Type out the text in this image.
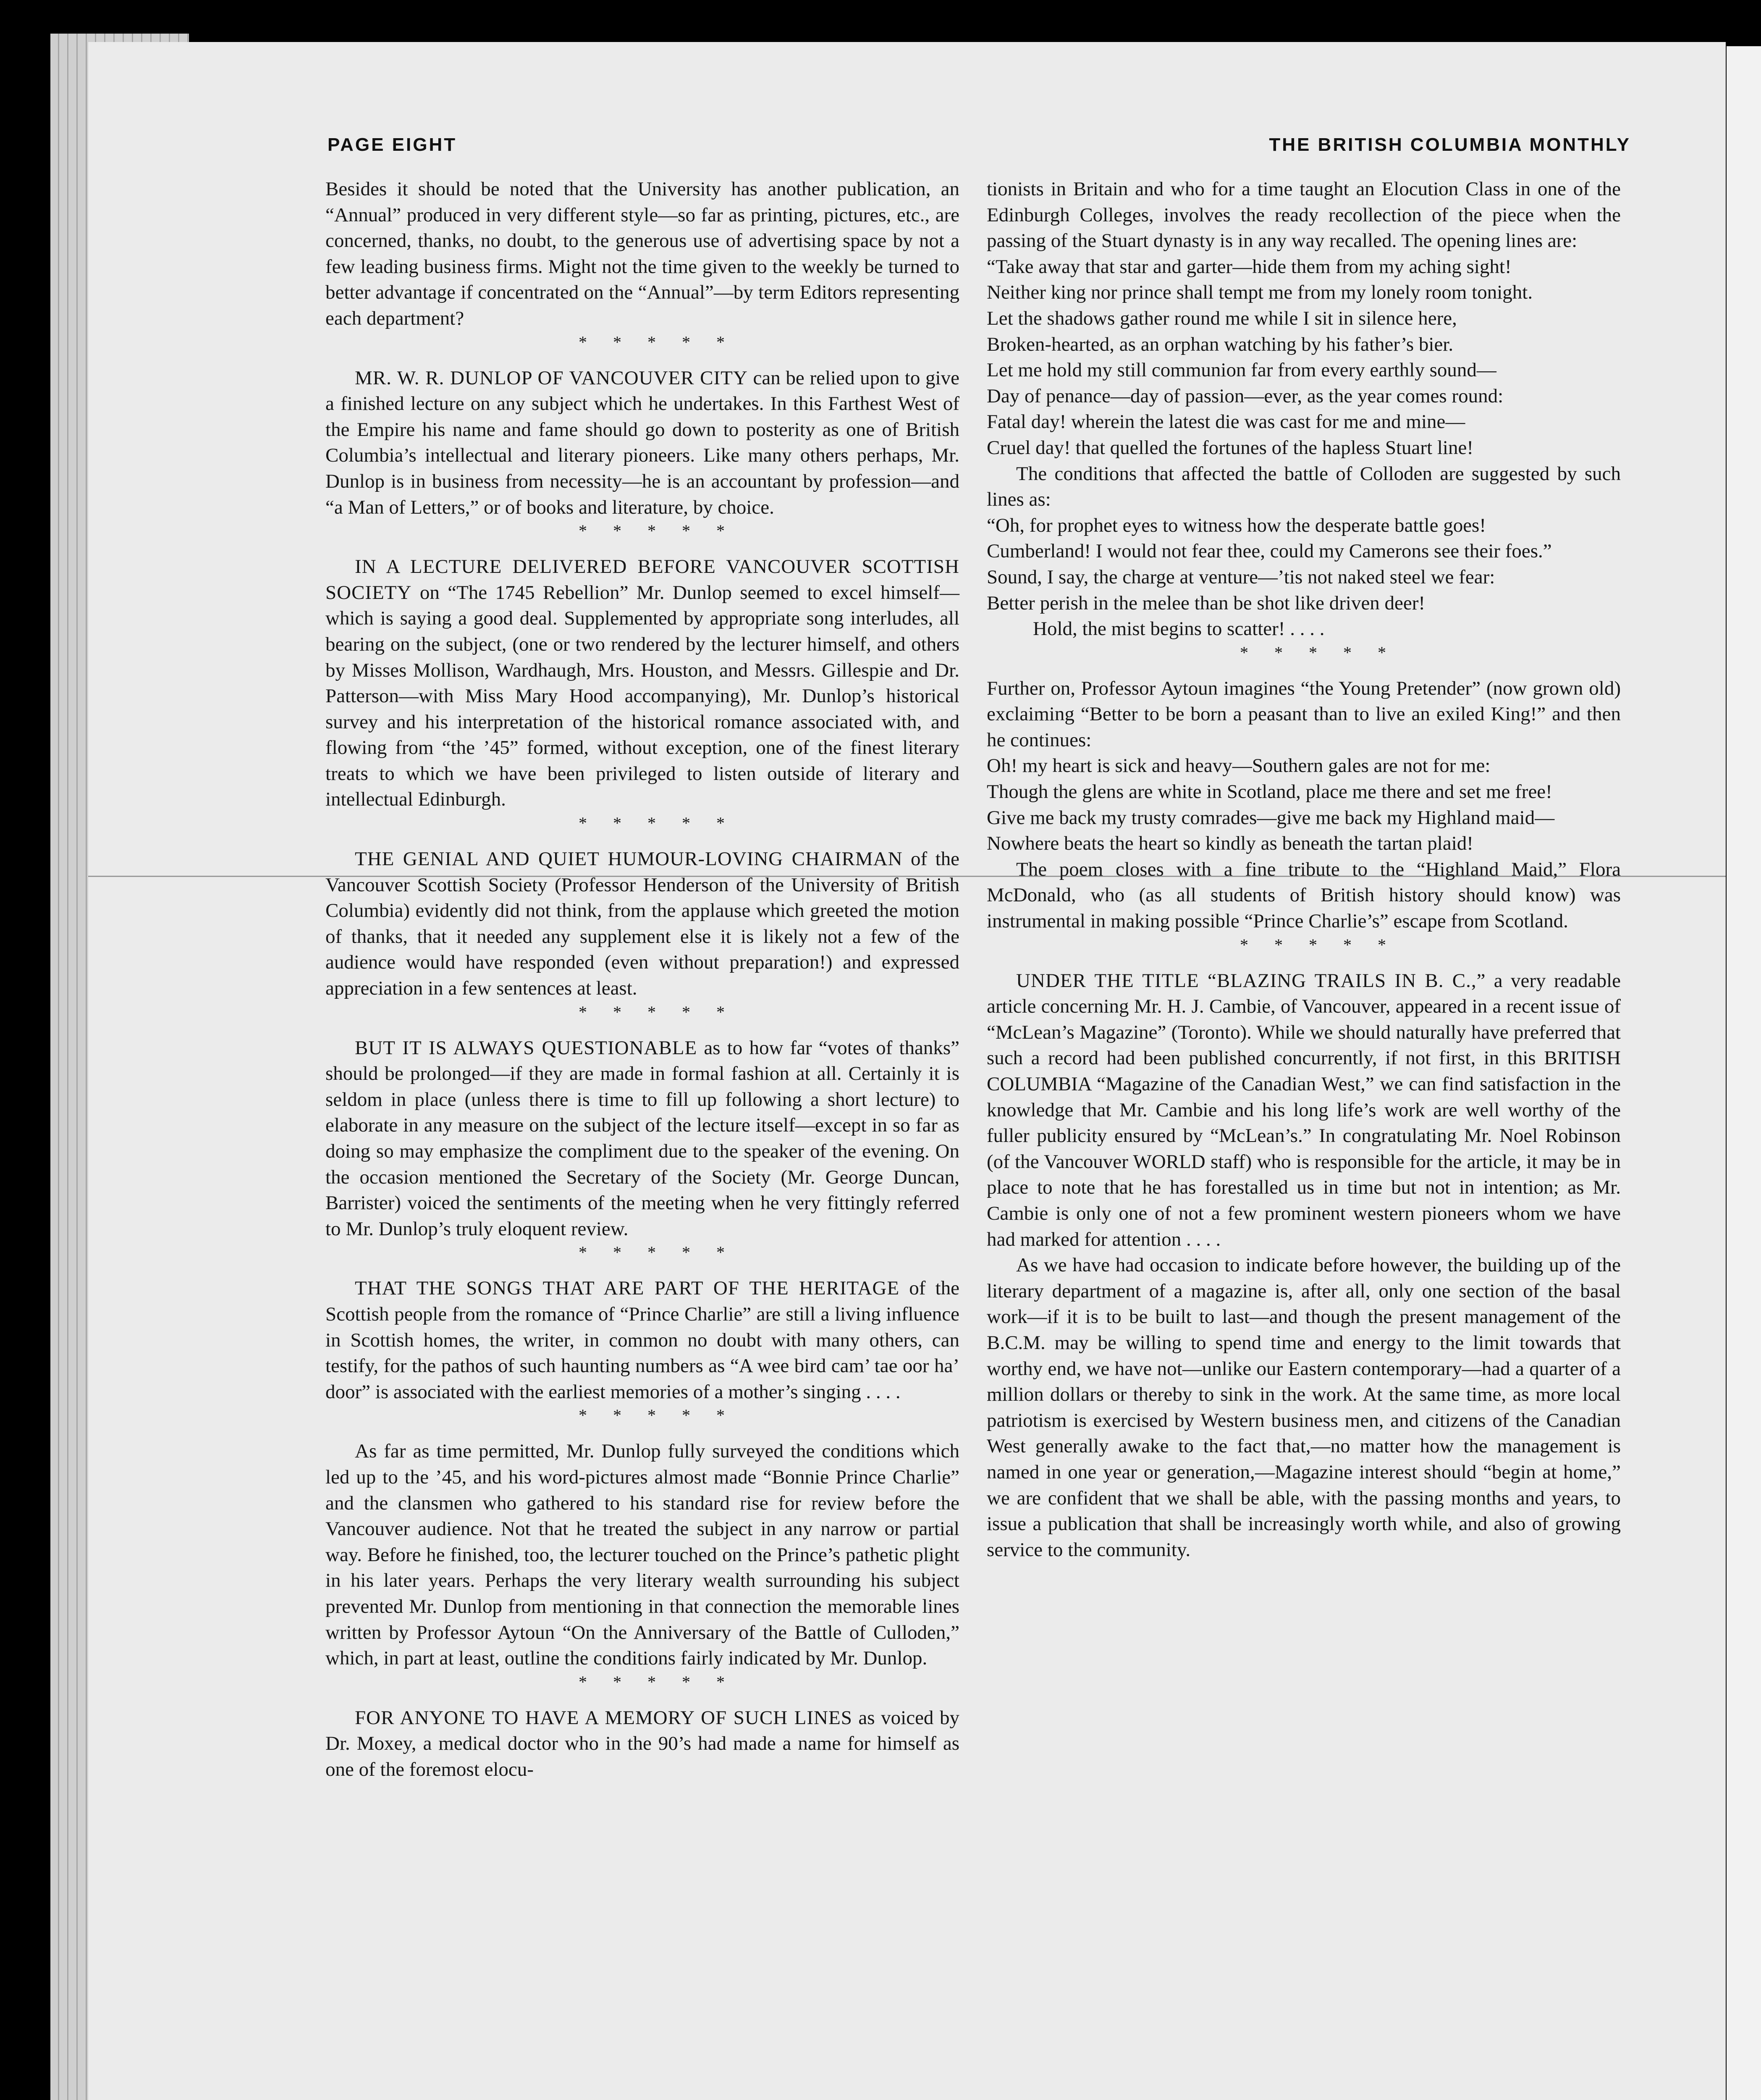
PAGE EIGHT	THE BRITISH COLUMBIA MONTHLY

Besides it should be noted that the University has another publication, an “Annual” produced in very different style—so far as printing, pictures, etc., are concerned, thanks, no doubt, to the generous use of advertising space by not a few leading business firms. Might not the time given to the weekly be turned to better advantage if concentrated on the “Annual”—by term Editors representing each department?

* * * * *

MR. W. R. DUNLOP OF VANCOUVER CITY can be relied upon to give a finished lecture on any subject which he undertakes. In this Farthest West of the Empire his name and fame should go down to posterity as one of British Columbia’s intellectual and literary pioneers. Like many others perhaps, Mr. Dunlop is in business from necessity—he is an accountant by profession—and “a Man of Letters,” or of books and literature, by choice.

* * * * *

IN A LECTURE DELIVERED BEFORE VANCOUVER SCOTTISH SOCIETY on “The 1745 Rebellion” Mr. Dunlop seemed to excel himself—which is saying a good deal. Supplemented by appropriate song interludes, all bearing on the subject, (one or two rendered by the lecturer himself, and others by Misses Mollison, Wardhaugh, Mrs. Houston, and Messrs. Gillespie and Dr. Patterson—with Miss Mary Hood accompanying), Mr. Dunlop’s historical survey and his interpretation of the historical romance associated with, and flowing from “the ’45” formed, without exception, one of the finest literary treats to which we have been privileged to listen outside of literary and intellectual Edinburgh.

* * * * *

THE GENIAL AND QUIET HUMOUR-LOVING CHAIRMAN of the Vancouver Scottish Society (Professor Henderson of the University of British Columbia) evidently did not think, from the applause which greeted the motion of thanks, that it needed any supplement else it is likely not a few of the audience would have responded (even without preparation!) and expressed appreciation in a few sentences at least.

* * * * *

BUT IT IS ALWAYS QUESTIONABLE as to how far “votes of thanks” should be prolonged—if they are made in formal fashion at all. Certainly it is seldom in place (unless there is time to fill up following a short lecture) to elaborate in any measure on the subject of the lecture itself—except in so far as doing so may emphasize the compliment due to the speaker of the evening. On the occasion mentioned the Secretary of the Society (Mr. George Duncan, Barrister) voiced the sentiments of the meeting when he very fittingly referred to Mr. Dunlop’s truly eloquent review.

* * * * *

THAT THE SONGS THAT ARE PART OF THE HERITAGE of the Scottish people from the romance of “Prince Charlie” are still a living influence in Scottish homes, the writer, in common no doubt with many others, can testify, for the pathos of such haunting numbers as “A wee bird cam’ tae oor ha’ door” is associated with the earliest memories of a mother’s singing . . . .

* * * * *

As far as time permitted, Mr. Dunlop fully surveyed the conditions which led up to the ’45, and his word-pictures almost made “Bonnie Prince Charlie” and the clansmen who gathered to his standard rise for review before the Vancouver audience. Not that he treated the subject in any narrow or partial way. Before he finished, too, the lecturer touched on the Prince’s pathetic plight in his later years. Perhaps the very literary wealth surrounding his subject prevented Mr. Dunlop from mentioning in that connection the memorable lines written by Professor Aytoun “On the Anniversary of the Battle of Culloden,” which, in part at least, outline the conditions fairly indicated by Mr. Dunlop.

* * * * *

FOR ANYONE TO HAVE A MEMORY OF SUCH LINES as voiced by Dr. Moxey, a medical doctor who in the 90’s had made a name for himself as one of the foremost elocu-

tionists in Britain and who for a time taught an Elocution Class in one of the Edinburgh Colleges, involves the ready recollection of the piece when the passing of the Stuart dynasty is in any way recalled. The opening lines are:

“Take away that star and garter—hide them from my aching sight!

Neither king nor prince shall tempt me from my lonely room tonight.

Let the shadows gather round me while I sit in silence here,

Broken-hearted, as an orphan watching by his father’s bier.

Let me hold my still communion far from every earthly sound—

Day of penance—day of passion—ever, as the year comes round:

Fatal day! wherein the latest die was cast for me and mine—

Cruel day! that quelled the fortunes of the hapless Stuart line!

The conditions that affected the battle of Colloden are suggested by such lines as:

“Oh, for prophet eyes to witness how the desperate battle goes!

Cumberland! I would not fear thee, could my Camerons see their foes.”

Sound, I say, the charge at venture—’tis not naked steel we fear:

Better perish in the melee than be shot like driven deer!

Hold, the mist begins to scatter! . . . .

* * * * *

Further on, Professor Aytoun imagines “the Young Pretender” (now grown old) exclaiming “Better to be born a peasant than to live an exiled King!” and then he continues:

Oh! my heart is sick and heavy—Southern gales are not for me:

Though the glens are white in Scotland, place me there and set me free!

Give me back my trusty comrades—give me back my Highland maid—

Nowhere beats the heart so kindly as beneath the tartan plaid!

The poem closes with a fine tribute to the “Highland Maid,” Flora McDonald, who (as all students of British history should know) was instrumental in making possible “Prince Charlie’s” escape from Scotland.

* * * * *

UNDER THE TITLE “BLAZING TRAILS IN B. C.,” a very readable article concerning Mr. H. J. Cambie, of Vancouver, appeared in a recent issue of “McLean’s Magazine” (Toronto). While we should naturally have preferred that such a record had been published concurrently, if not first, in this BRITISH COLUMBIA “Magazine of the Canadian West,” we can find satisfaction in the knowledge that Mr. Cambie and his long life’s work are well worthy of the fuller publicity ensured by “McLean’s.” In congratulating Mr. Noel Robinson (of the Vancouver WORLD staff) who is responsible for the article, it may be in place to note that he has forestalled us in time but not in intention; as Mr. Cambie is only one of not a few prominent western pioneers whom we have had marked for attention . . . .

As we have had occasion to indicate before however, the building up of the literary department of a magazine is, after all, only one section of the basal work—if it is to be built to last—and though the present management of the B.C.M. may be willing to spend time and energy to the limit towards that worthy end, we have not—unlike our Eastern contemporary—had a quarter of a million dollars or thereby to sink in the work. At the same time, as more local patriotism is exercised by Western business men, and citizens of the Canadian West generally awake to the fact that,—no matter how the management is named in one year or generation,—Magazine interest should “begin at home,” we are confident that we shall be able, with the passing months and years, to issue a publication that shall be increasingly worth while, and also of growing service to the community.
